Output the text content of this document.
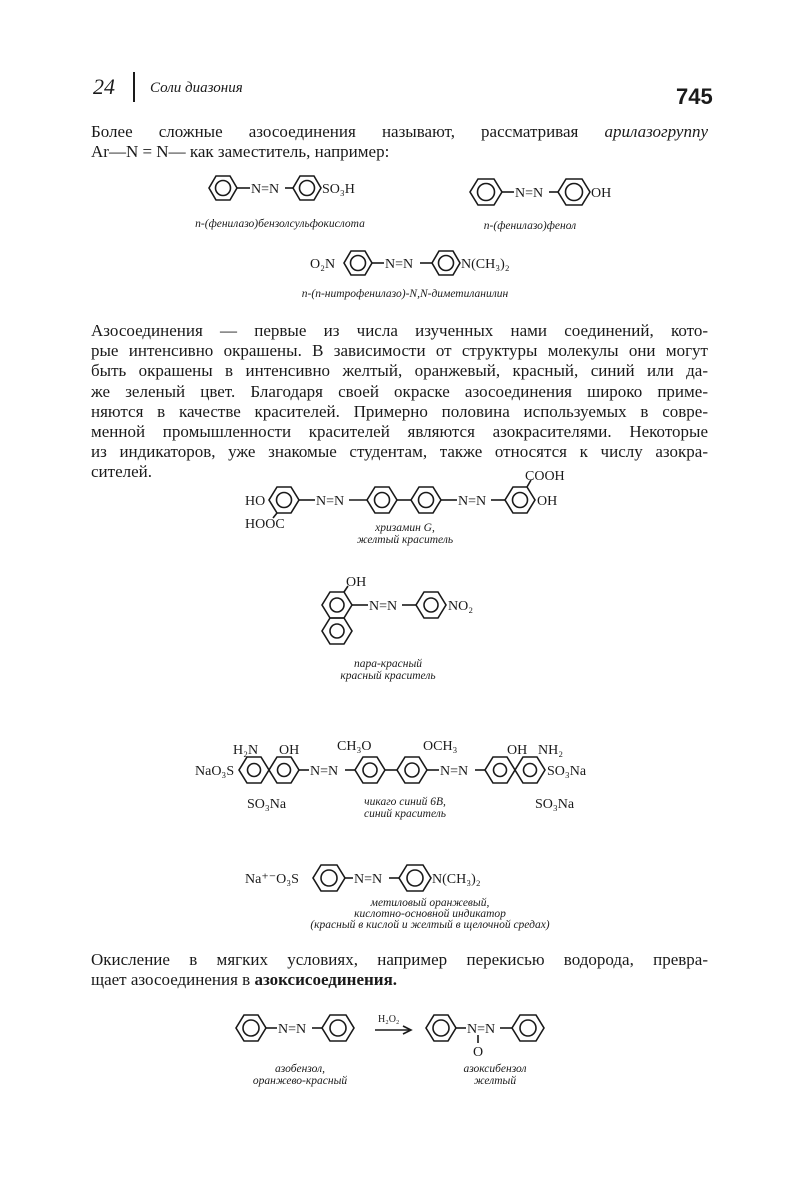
24 Соли диазония	745
Более сложные азосоединения называют, рассматривая арилазогруппу
Ar—N = N— как заместитель, например:
N=N	SO₃H
n-(фенилазо)бензолсульфокислота
N=N	OH
n-(фенилазо)фенол
O₂N	N=N	N(CH₃)₂
n-(n-нитрофенилазо)-N,N-диметиланилин
Азосоединения — первые из числа изученных нами соединений, кото-
рые интенсивно окрашены. В зависимости от структуры молекулы они могут
быть окрашены в интенсивно желтый, оранжевый, красный, синий или да-
же зеленый цвет. Благодаря своей окраске азосоединения широко приме-
няются в качестве красителей. Примерно половина используемых в совре-
менной промышленности красителей являются азокрасителями. Некоторые
из индикаторов, уже знакомые студентам, также относятся к числу азокра-
сителей.
HO
HOOC
N=N	N=N
COOH
OH
хризамин G,
желтый краситель
OH
N=N	NO₂
пара-красный
красный краситель
NaO₃S
H₂N OH
N=N
CH₃O	OCH₃
N=N
OH NH₂
SO₃Na
SO₃Na	SO₃Na
чикаго синий 6B,
синий краситель
Na⁺⁻O₃S	N=N	N(CH₃)₂
метиловый оранжевый,
кислотно-основной индикатор
(красный в кислой и желтый в щелочной средах)
Окисление в мягких условиях, например перекисью водорода, превра-
щает азосоединения в азоксисоединения.
N=N
H₂O₂
N=N
O
азобензол,
оранжево-красный
азоксибензол
желтый
